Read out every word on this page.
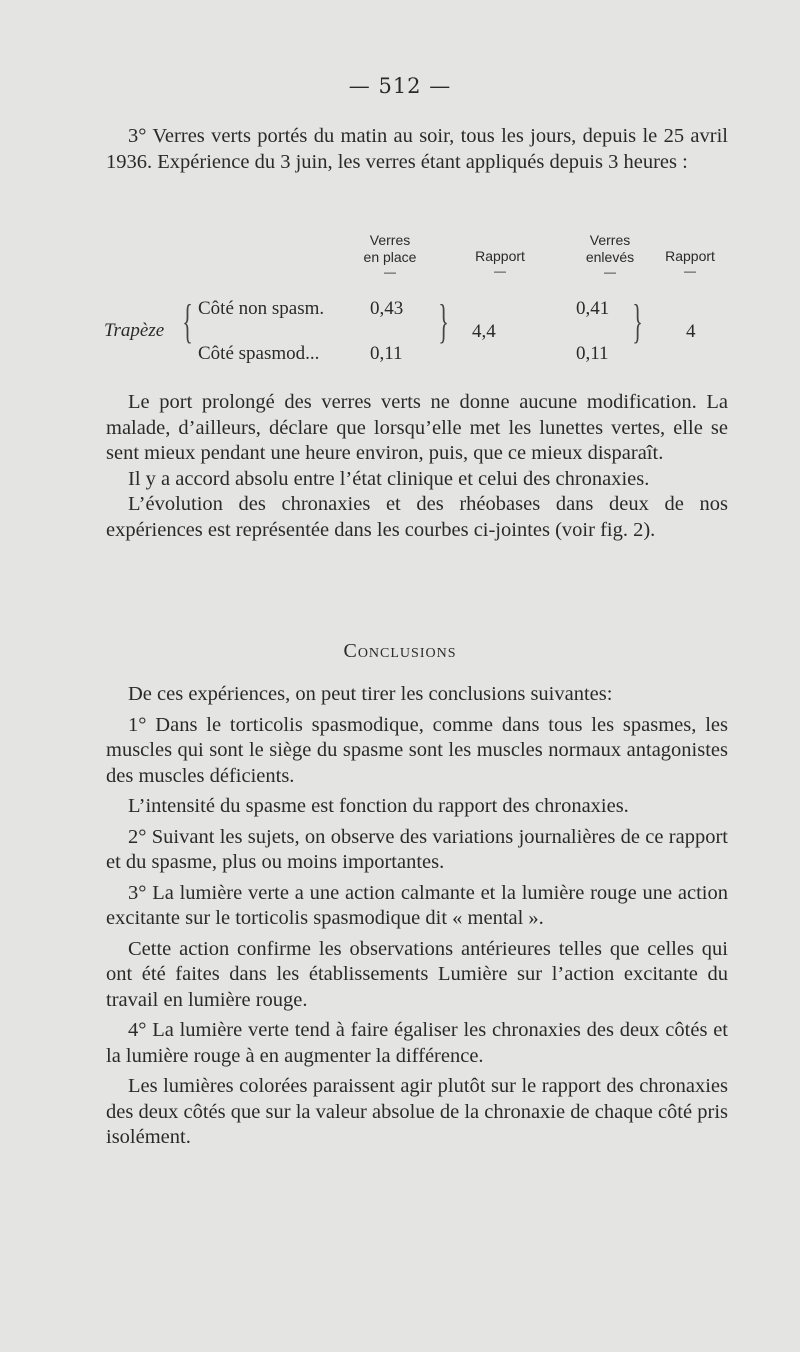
— 512 —

3° Verres verts portés du matin au soir, tous les jours, depuis le 25 avril 1936. Expérience du 3 juin, les verres étant appliqués depuis 3 heures :

Verres
en place
—
Rapport
—
Verres
enlevés
—
Rapport
—
Trapèze { Côté non spasm.
Côté spasmod...
0,43
0,11
} 4,4
0,41
0,11
} 4

Le port prolongé des verres verts ne donne aucune modification. La malade, d’ailleurs, déclare que lorsqu’elle met les lunettes vertes, elle se sent mieux pendant une heure environ, puis, que ce mieux disparaît.

Il y a accord absolu entre l’état clinique et celui des chronaxies.

L’évolution des chronaxies et des rhéobases dans deux de nos expériences est représentée dans les courbes ci-jointes (voir fig. 2).

Conclusions

De ces expériences, on peut tirer les conclusions suivantes:

1° Dans le torticolis spasmodique, comme dans tous les spasmes, les muscles qui sont le siège du spasme sont les muscles normaux antagonistes des muscles déficients.

L’intensité du spasme est fonction du rapport des chronaxies.

2° Suivant les sujets, on observe des variations journalières de ce rapport et du spasme, plus ou moins importantes.

3° La lumière verte a une action calmante et la lumière rouge une action excitante sur le torticolis spasmodique dit « mental ».

Cette action confirme les observations antérieures telles que celles qui ont été faites dans les établissements Lumière sur l’action excitante du travail en lumière rouge.

4° La lumière verte tend à faire égaliser les chronaxies des deux côtés et la lumière rouge à en augmenter la différence.

Les lumières colorées paraissent agir plutôt sur le rapport des chronaxies des deux côtés que sur la valeur absolue de la chronaxie de chaque côté pris isolément.
